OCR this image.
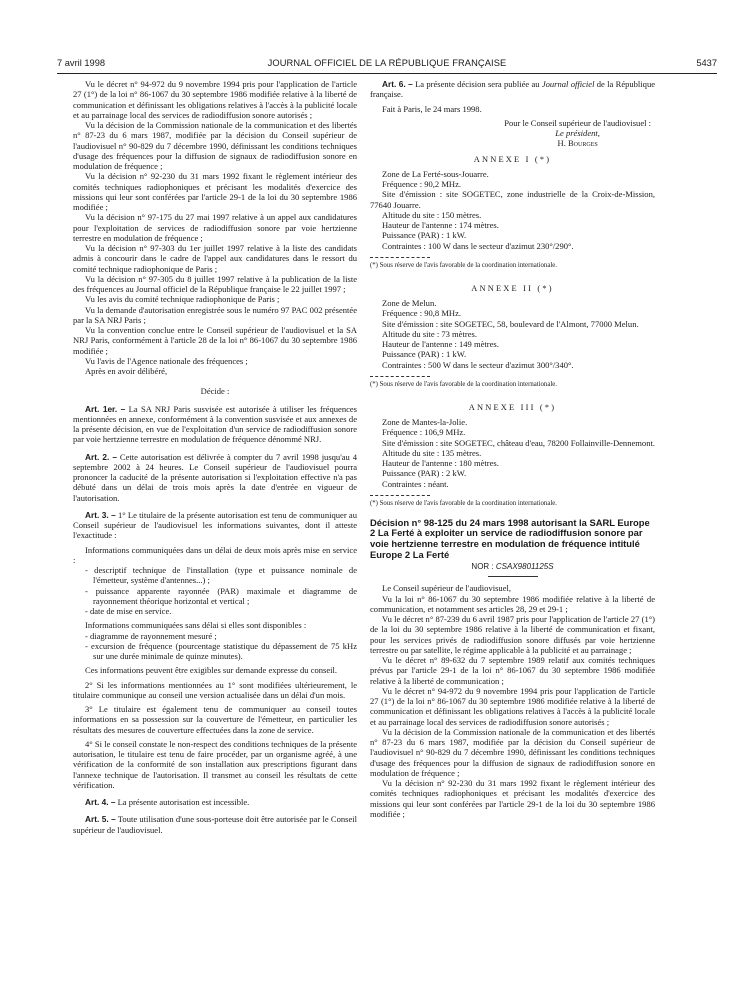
7 avril 1998	JOURNAL OFFICIEL DE LA RÉPUBLIQUE FRANÇAISE	5437

Vu le décret n° 94-972 du 9 novembre 1994 pris pour l'application de l'article 27 (1°) de la loi n° 86-1067 du 30 septembre 1986 modifiée relative à la liberté de communication et définissant les obligations relatives à l'accès à la publicité locale et au parrainage local des services de radiodiffusion sonore autorisés ;

Vu la décision de la Commission nationale de la communication et des libertés n° 87-23 du 6 mars 1987, modifiée par la décision du Conseil supérieur de l'audiovisuel n° 90-829 du 7 décembre 1990, définissant les conditions techniques d'usage des fréquences pour la diffusion de signaux de radiodiffusion sonore en modulation de fréquence ;

Vu la décision n° 92-230 du 31 mars 1992 fixant le règlement intérieur des comités techniques radiophoniques et précisant les modalités d'exercice des missions qui leur sont conférées par l'article 29-1 de la loi du 30 septembre 1986 modifiée ;

Vu la décision n° 97-175 du 27 mai 1997 relative à un appel aux candidatures pour l'exploitation de services de radiodiffusion sonore par voie hertzienne terrestre en modulation de fréquence ;

Vu la décision n° 97-303 du 1er juillet 1997 relative à la liste des candidats admis à concourir dans le cadre de l'appel aux candidatures dans le ressort du comité technique radiophonique de Paris ;

Vu la décision n° 97-305 du 8 juillet 1997 relative à la publication de la liste des fréquences au Journal officiel de la République française le 22 juillet 1997 ;

Vu les avis du comité technique radiophonique de Paris ;

Vu la demande d'autorisation enregistrée sous le numéro 97 PAC 002 présentée par la SA NRJ Paris ;

Vu la convention conclue entre le Conseil supérieur de l'audiovisuel et la SA NRJ Paris, conformément à l'article 28 de la loi n° 86-1067 du 30 septembre 1986 modifiée ;

Vu l'avis de l'Agence nationale des fréquences ;

Après en avoir délibéré,

Décide :

Art. 1er. – La SA NRJ Paris susvisée est autorisée à utiliser les fréquences mentionnées en annexe, conformément à la convention susvisée et aux annexes de la présente décision, en vue de l'exploitation d'un service de radiodiffusion sonore par voie hertzienne terrestre en modulation de fréquence dénommé NRJ.

Art. 2. – Cette autorisation est délivrée à compter du 7 avril 1998 jusqu'au 4 septembre 2002 à 24 heures. Le Conseil supérieur de l'audiovisuel pourra prononcer la caducité de la présente autorisation si l'exploitation effective n'a pas débuté dans un délai de trois mois après la date d'entrée en vigueur de l'autorisation.

Art. 3. – 1° Le titulaire de la présente autorisation est tenu de communiquer au Conseil supérieur de l'audiovisuel les informations suivantes, dont il atteste l'exactitude :

Informations communiquées dans un délai de deux mois après mise en service :

- descriptif technique de l'installation (type et puissance nominale de l'émetteur, système d'antennes...) ;
- puissance apparente rayonnée (PAR) maximale et diagramme de rayonnement théorique horizontal et vertical ;
- date de mise en service.

Informations communiquées sans délai si elles sont disponibles :

- diagramme de rayonnement mesuré ;
- excursion de fréquence (pourcentage statistique du dépassement de 75 kHz sur une durée minimale de quinze minutes).

Ces informations peuvent être exigibles sur demande expresse du conseil.

2° Si les informations mentionnées au 1° sont modifiées ultérieurement, le titulaire communique au conseil une version actualisée dans un délai d'un mois.

3° Le titulaire est également tenu de communiquer au conseil toutes informations en sa possession sur la couverture de l'émetteur, en particulier les résultats des mesures de couverture effectuées dans la zone de service.

4° Si le conseil constate le non-respect des conditions techniques de la présente autorisation, le titulaire est tenu de faire procéder, par un organisme agréé, à une vérification de la conformité de son installation aux prescriptions figurant dans l'annexe technique de l'autorisation. Il transmet au conseil les résultats de cette vérification.

Art. 4. – La présente autorisation est incessible.

Art. 5. – Toute utilisation d'une sous-porteuse doit être autorisée par le Conseil supérieur de l'audiovisuel.

Art. 6. – La présente décision sera publiée au Journal officiel de la République française.

Fait à Paris, le 24 mars 1998.

Pour le Conseil supérieur de l'audiovisuel :
Le président,
H. Bourges

ANNEXE I (*)

Zone de La Ferté-sous-Jouarre.

Fréquence : 90,2 MHz.

Site d'émission : site SOGETEC, zone industrielle de la Croix-de-Mission, 77640 Jouarre.

Altitude du site : 150 mètres.

Hauteur de l'antenne : 174 mètres.

Puissance (PAR) : 1 kW.

Contraintes : 100 W dans le secteur d'azimut 230°/290°.

(*) Sous réserve de l'avis favorable de la coordination internationale.

ANNEXE II (*)

Zone de Melun.

Fréquence : 90,8 MHz.

Site d'émission : site SOGETEC, 58, boulevard de l'Almont, 77000 Melun.

Altitude du site : 73 mètres.

Hauteur de l'antenne : 149 mètres.

Puissance (PAR) : 1 kW.

Contraintes : 500 W dans le secteur d'azimut 300°/340°.

(*) Sous réserve de l'avis favorable de la coordination internationale.

ANNEXE III (*)

Zone de Mantes-la-Jolie.

Fréquence : 106,9 MHz.

Site d'émission : site SOGETEC, château d'eau, 78200 Follainville-Dennemont.

Altitude du site : 135 mètres.

Hauteur de l'antenne : 180 mètres.

Puissance (PAR) : 2 kW.

Contraintes : néant.

(*) Sous réserve de l'avis favorable de la coordination internationale.

Décision n° 98-125 du 24 mars 1998 autorisant la SARL Europe 2 La Ferté à exploiter un service de radiodiffusion sonore par voie hertzienne terrestre en modulation de fréquence intitulé Europe 2 La Ferté

NOR : CSAX9801125S

Le Conseil supérieur de l'audiovisuel,

Vu la loi n° 86-1067 du 30 septembre 1986 modifiée relative à la liberté de communication, et notamment ses articles 28, 29 et 29-1 ;

Vu le décret n° 87-239 du 6 avril 1987 pris pour l'application de l'article 27 (1°) de la loi du 30 septembre 1986 relative à la liberté de communication et fixant, pour les services privés de radiodiffusion sonore diffusés par voie hertzienne terrestre ou par satellite, le régime applicable à la publicité et au parrainage ;

Vu le décret n° 89-632 du 7 septembre 1989 relatif aux comités techniques prévus par l'article 29-1 de la loi n° 86-1067 du 30 septembre 1986 modifiée relative à la liberté de communication ;

Vu le décret n° 94-972 du 9 novembre 1994 pris pour l'application de l'article 27 (1°) de la loi n° 86-1067 du 30 septembre 1986 modifiée relative à la liberté de communication et définissant les obligations relatives à l'accès à la publicité locale et au parrainage local des services de radiodiffusion sonore autorisés ;

Vu la décision de la Commission nationale de la communication et des libertés n° 87-23 du 6 mars 1987, modifiée par la décision du Conseil supérieur de l'audiovisuel n° 90-829 du 7 décembre 1990, définissant les conditions techniques d'usage des fréquences pour la diffusion de signaux de radiodiffusion sonore en modulation de fréquence ;

Vu la décision n° 92-230 du 31 mars 1992 fixant le règlement intérieur des comités techniques radiophoniques et précisant les modalités d'exercice des missions qui leur sont conférées par l'article 29-1 de la loi du 30 septembre 1986 modifiée ;
